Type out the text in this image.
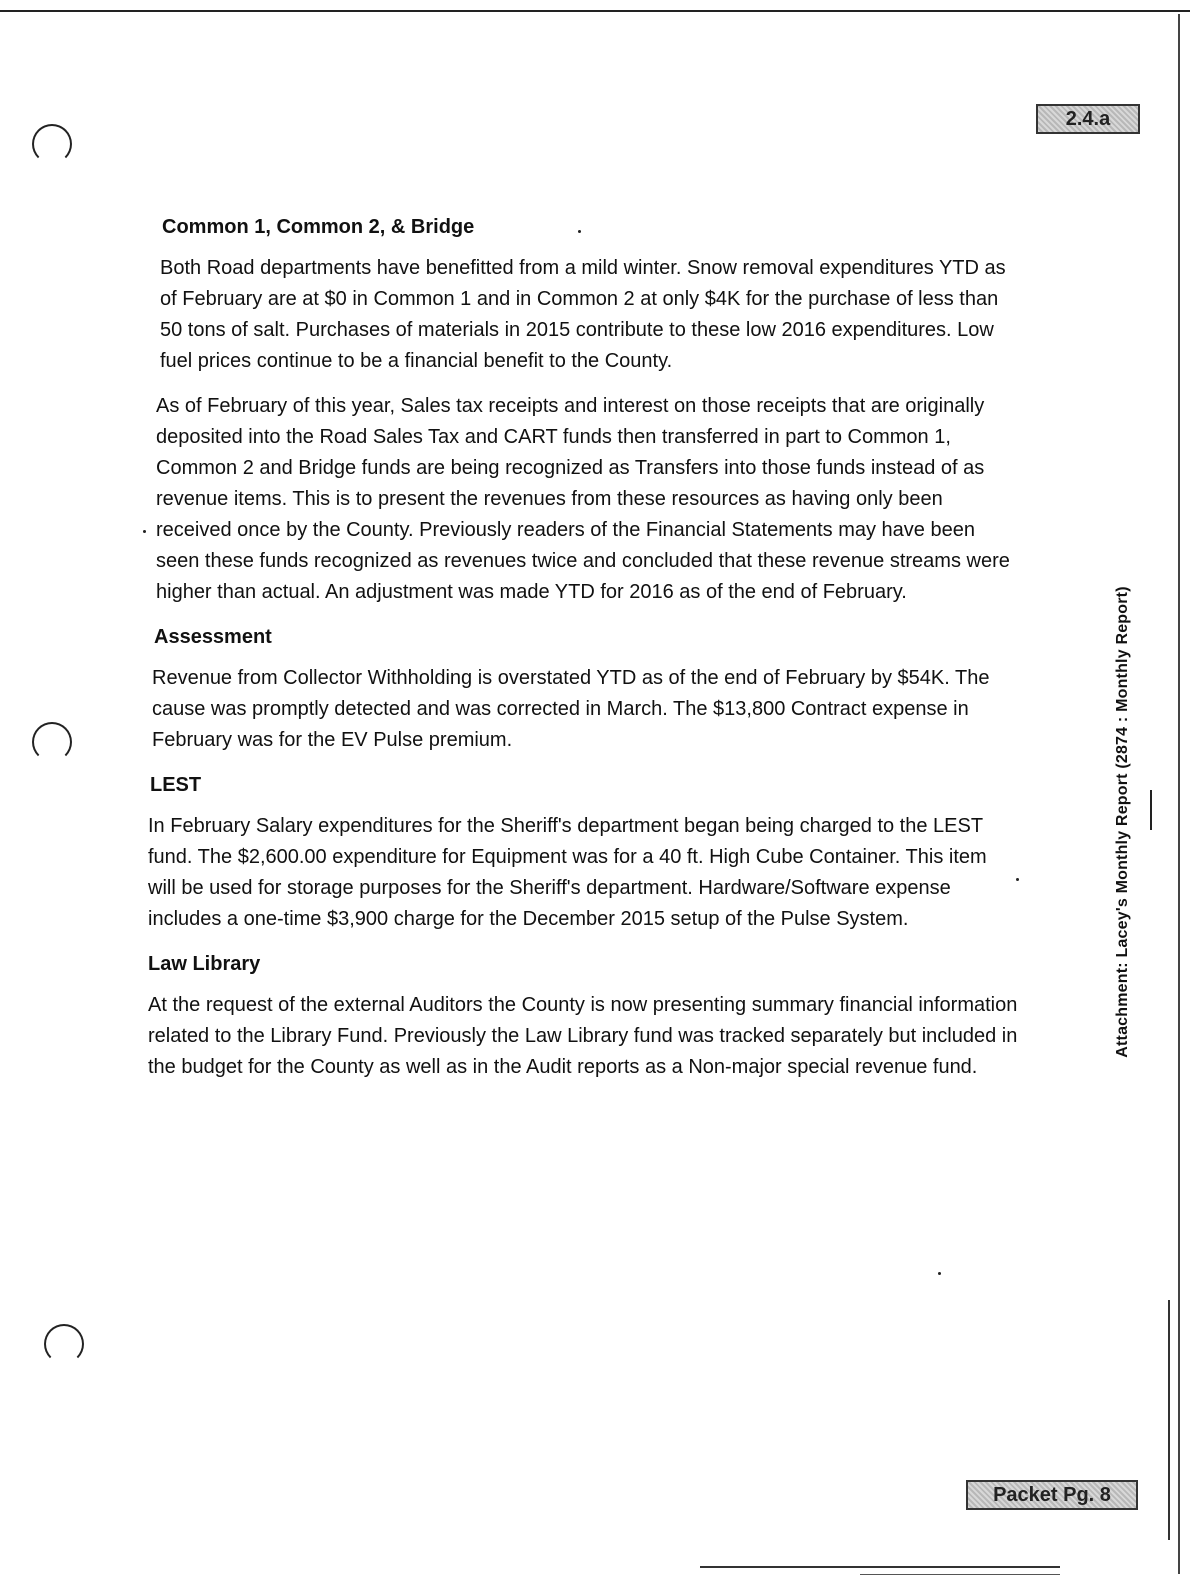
2.4.a
Packet Pg. 8
Attachment: Lacey's Monthly Report (2874 : Monthly Report)
Common 1, Common 2, & Bridge

Both Road departments have benefitted from a mild winter. Snow removal expenditures YTD as of February are at $0 in Common 1 and in Common 2 at only $4K for the purchase of less than 50 tons of salt. Purchases of materials in 2015 contribute to these low 2016 expenditures. Low fuel prices continue to be a financial benefit to the County.

As of February of this year, Sales tax receipts and interest on those receipts that are originally deposited into the Road Sales Tax and CART funds then transferred in part to Common 1, Common 2 and Bridge funds are being recognized as Transfers into those funds instead of as revenue items. This is to present the revenues from these resources as having only been received once by the County. Previously readers of the Financial Statements may have been seen these funds recognized as revenues twice and concluded that these revenue streams were higher than actual. An adjustment was made YTD for 2016 as of the end of February.

Assessment

Revenue from Collector Withholding is overstated YTD as of the end of February by $54K. The cause was promptly detected and was corrected in March. The $13,800 Contract expense in February was for the EV Pulse premium.

LEST

In February Salary expenditures for the Sheriff's department began being charged to the LEST fund. The $2,600.00 expenditure for Equipment was for a 40 ft. High Cube Container. This item will be used for storage purposes for the Sheriff's department. Hardware/Software expense includes a one-time $3,900 charge for the December 2015 setup of the Pulse System.

Law Library

At the request of the external Auditors the County is now presenting summary financial information related to the Library Fund. Previously the Law Library fund was tracked separately but included in the budget for the County as well as in the Audit reports as a Non-major special revenue fund.
